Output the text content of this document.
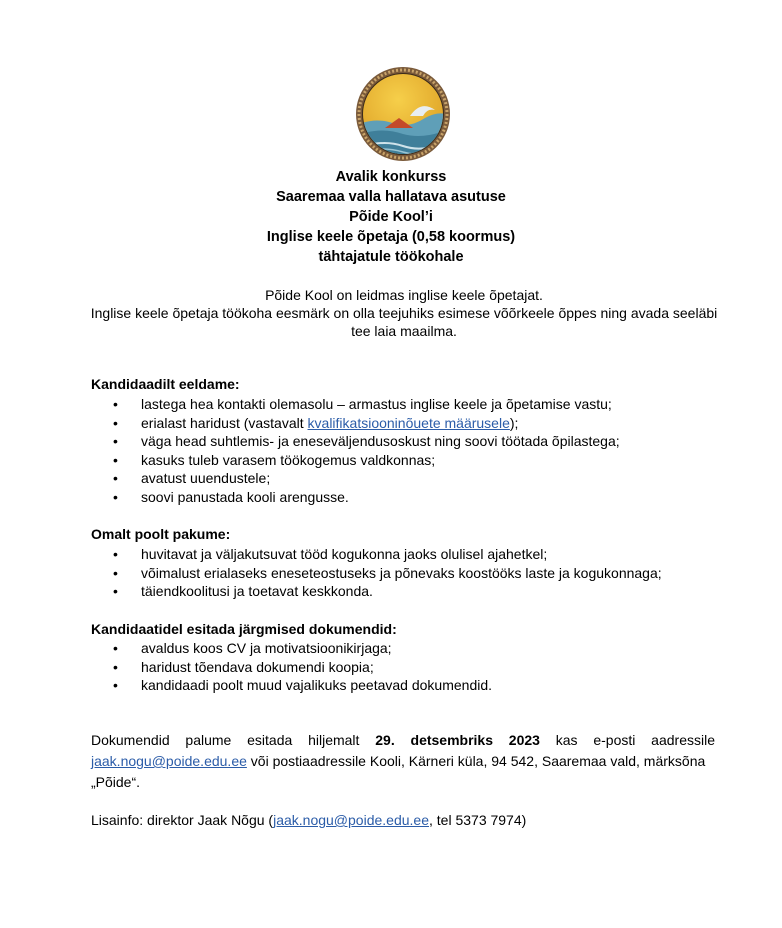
Avalik konkurss
Saaremaa valla hallatava asutuse
Põide Kool’i
Inglise keele õpetaja (0,58 koormus)
tähtajatule töökohale
Põide Kool on leidmas inglise keele õpetajat.
Inglise keele õpetaja töökoha eesmärk on olla teejuhiks esimese võõrkeele õppes ning avada seeläbi
tee laia maailma.
Kandidaadilt eeldame:
• lastega hea kontakti olemasolu – armastus inglise keele ja õpetamise vastu;
• erialast haridust (vastavalt kvalifikatsiooninõuete määrusele);
• väga head suhtlemis- ja eneseväljendusoskust ning soovi töötada õpilastega;
• kasuks tuleb varasem töökogemus valdkonnas;
• avatust uuendustele;
• soovi panustada kooli arengusse.
Omalt poolt pakume:
• huvitavat ja väljakutsuvat tööd kogukonna jaoks olulisel ajahetkel;
• võimalust erialaseks eneseteostuseks ja põnevaks koostööks laste ja kogukonnaga;
• täiendkoolitusi ja toetavat keskkonda.
Kandidaatidel esitada järgmised dokumendid:
• avaldus koos CV ja motivatsioonikirjaga;
• haridust tõendava dokumendi koopia;
• kandidaadi poolt muud vajalikuks peetavad dokumendid.
Dokumendid palume esitada hiljemalt 29. detsembriks 2023 kas e-posti aadressile jaak.nogu@poide.edu.ee või postiaadressile Kooli, Kärneri küla, 94 542, Saaremaa vald, märksõna
„Põide“.
Lisainfo: direktor Jaak Nõgu (jaak.nogu@poide.edu.ee, tel 5373 7974)
